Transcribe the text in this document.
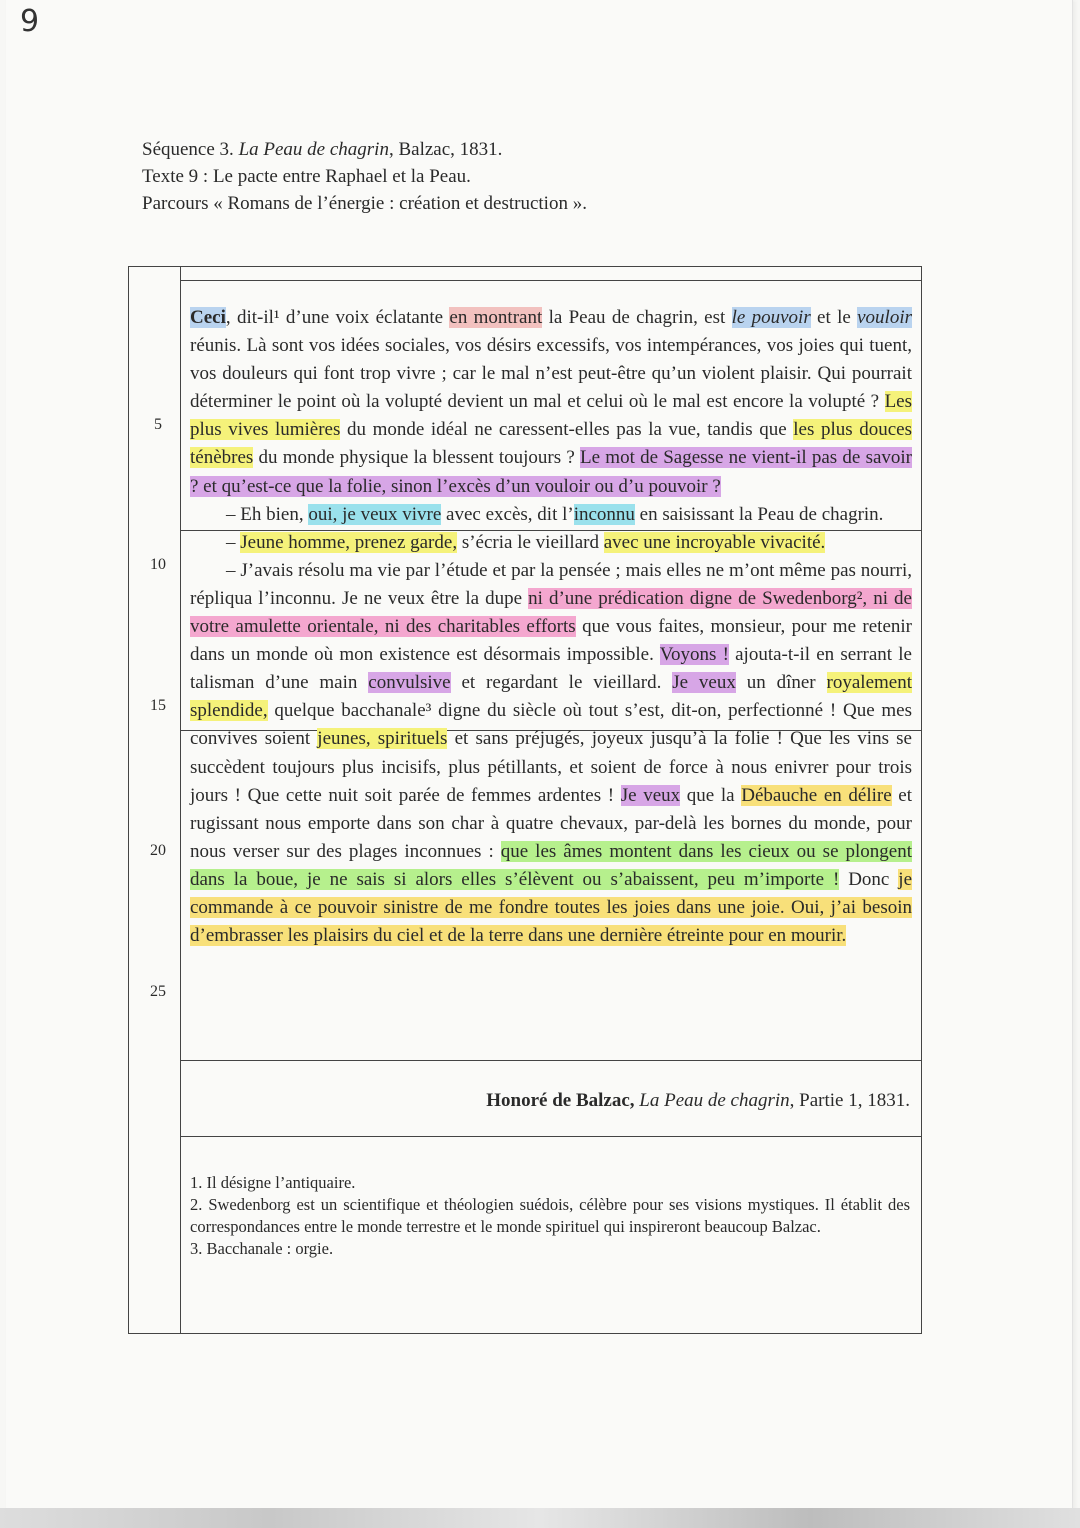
9
Séquence 3. La Peau de chagrin, Balzac, 1831.
Texte 9 : Le pacte entre Raphael et la Peau.
Parcours « Romans de l’énergie : création et destruction ».
5
10
15
20
25

Ceci, dit-il¹ d’une voix éclatante en montrant la Peau de chagrin, est le pouvoir et le vouloir réunis. Là sont vos idées sociales, vos désirs excessifs, vos intempérances, vos joies qui tuent, vos douleurs qui font trop vivre ; car le mal n’est peut-être qu’un violent plaisir. Qui pourrait déterminer le point où la volupté devient un mal et celui où le mal est encore la volupté ? Les plus vives lumières du monde idéal ne caressent-elles pas la vue, tandis que les plus douces ténèbres du monde physique la blessent toujours ? Le mot de Sagesse ne vient-il pas de savoir ? et qu’est-ce que la folie, sinon l’excès d’un vouloir ou d’u pouvoir ?

– Eh bien, oui, je veux vivre avec excès, dit l’inconnu en saisissant la Peau de chagrin.

– Jeune homme, prenez garde, s’écria le vieillard avec une incroyable vivacité.

– J’avais résolu ma vie par l’étude et par la pensée ; mais elles ne m’ont même pas nourri, répliqua l’inconnu. Je ne veux être la dupe ni d’une prédication digne de Swedenborg², ni de votre amulette orientale, ni des charitables efforts que vous faites, monsieur, pour me retenir dans un monde où mon existence est désormais impossible. Voyons ! ajouta-t-il en serrant le talisman d’une main convulsive et regardant le vieillard. Je veux un dîner royalement splendide, quelque bacchanale³ digne du siècle où tout s’est, dit-on, perfectionné ! Que mes convives soient jeunes, spirituels et sans préjugés, joyeux jusqu’à la folie ! Que les vins se succèdent toujours plus incisifs, plus pétillants, et soient de force à nous enivrer pour trois jours ! Que cette nuit soit parée de femmes ardentes ! Je veux que la Débauche en délire et rugissant nous emporte dans son char à quatre chevaux, par-delà les bornes du monde, pour nous verser sur des plages inconnues : que les âmes montent dans les cieux ou se plongent dans la boue, je ne sais si alors elles s’élèvent ou s’abaissent, peu m’importe ! Donc je commande à ce pouvoir sinistre de me fondre toutes les joies dans une joie. Oui, j’ai besoin d’embrasser les plaisirs du ciel et de la terre dans une dernière étreinte pour en mourir.

Honoré de Balzac, La Peau de chagrin, Partie 1, 1831.

1. Il désigne l’antiquaire.

2. Swedenborg est un scientifique et théologien suédois, célèbre pour ses visions mystiques. Il établit des correspondances entre le monde terrestre et le monde spirituel qui inspireront beaucoup Balzac.

3. Bacchanale : orgie.
